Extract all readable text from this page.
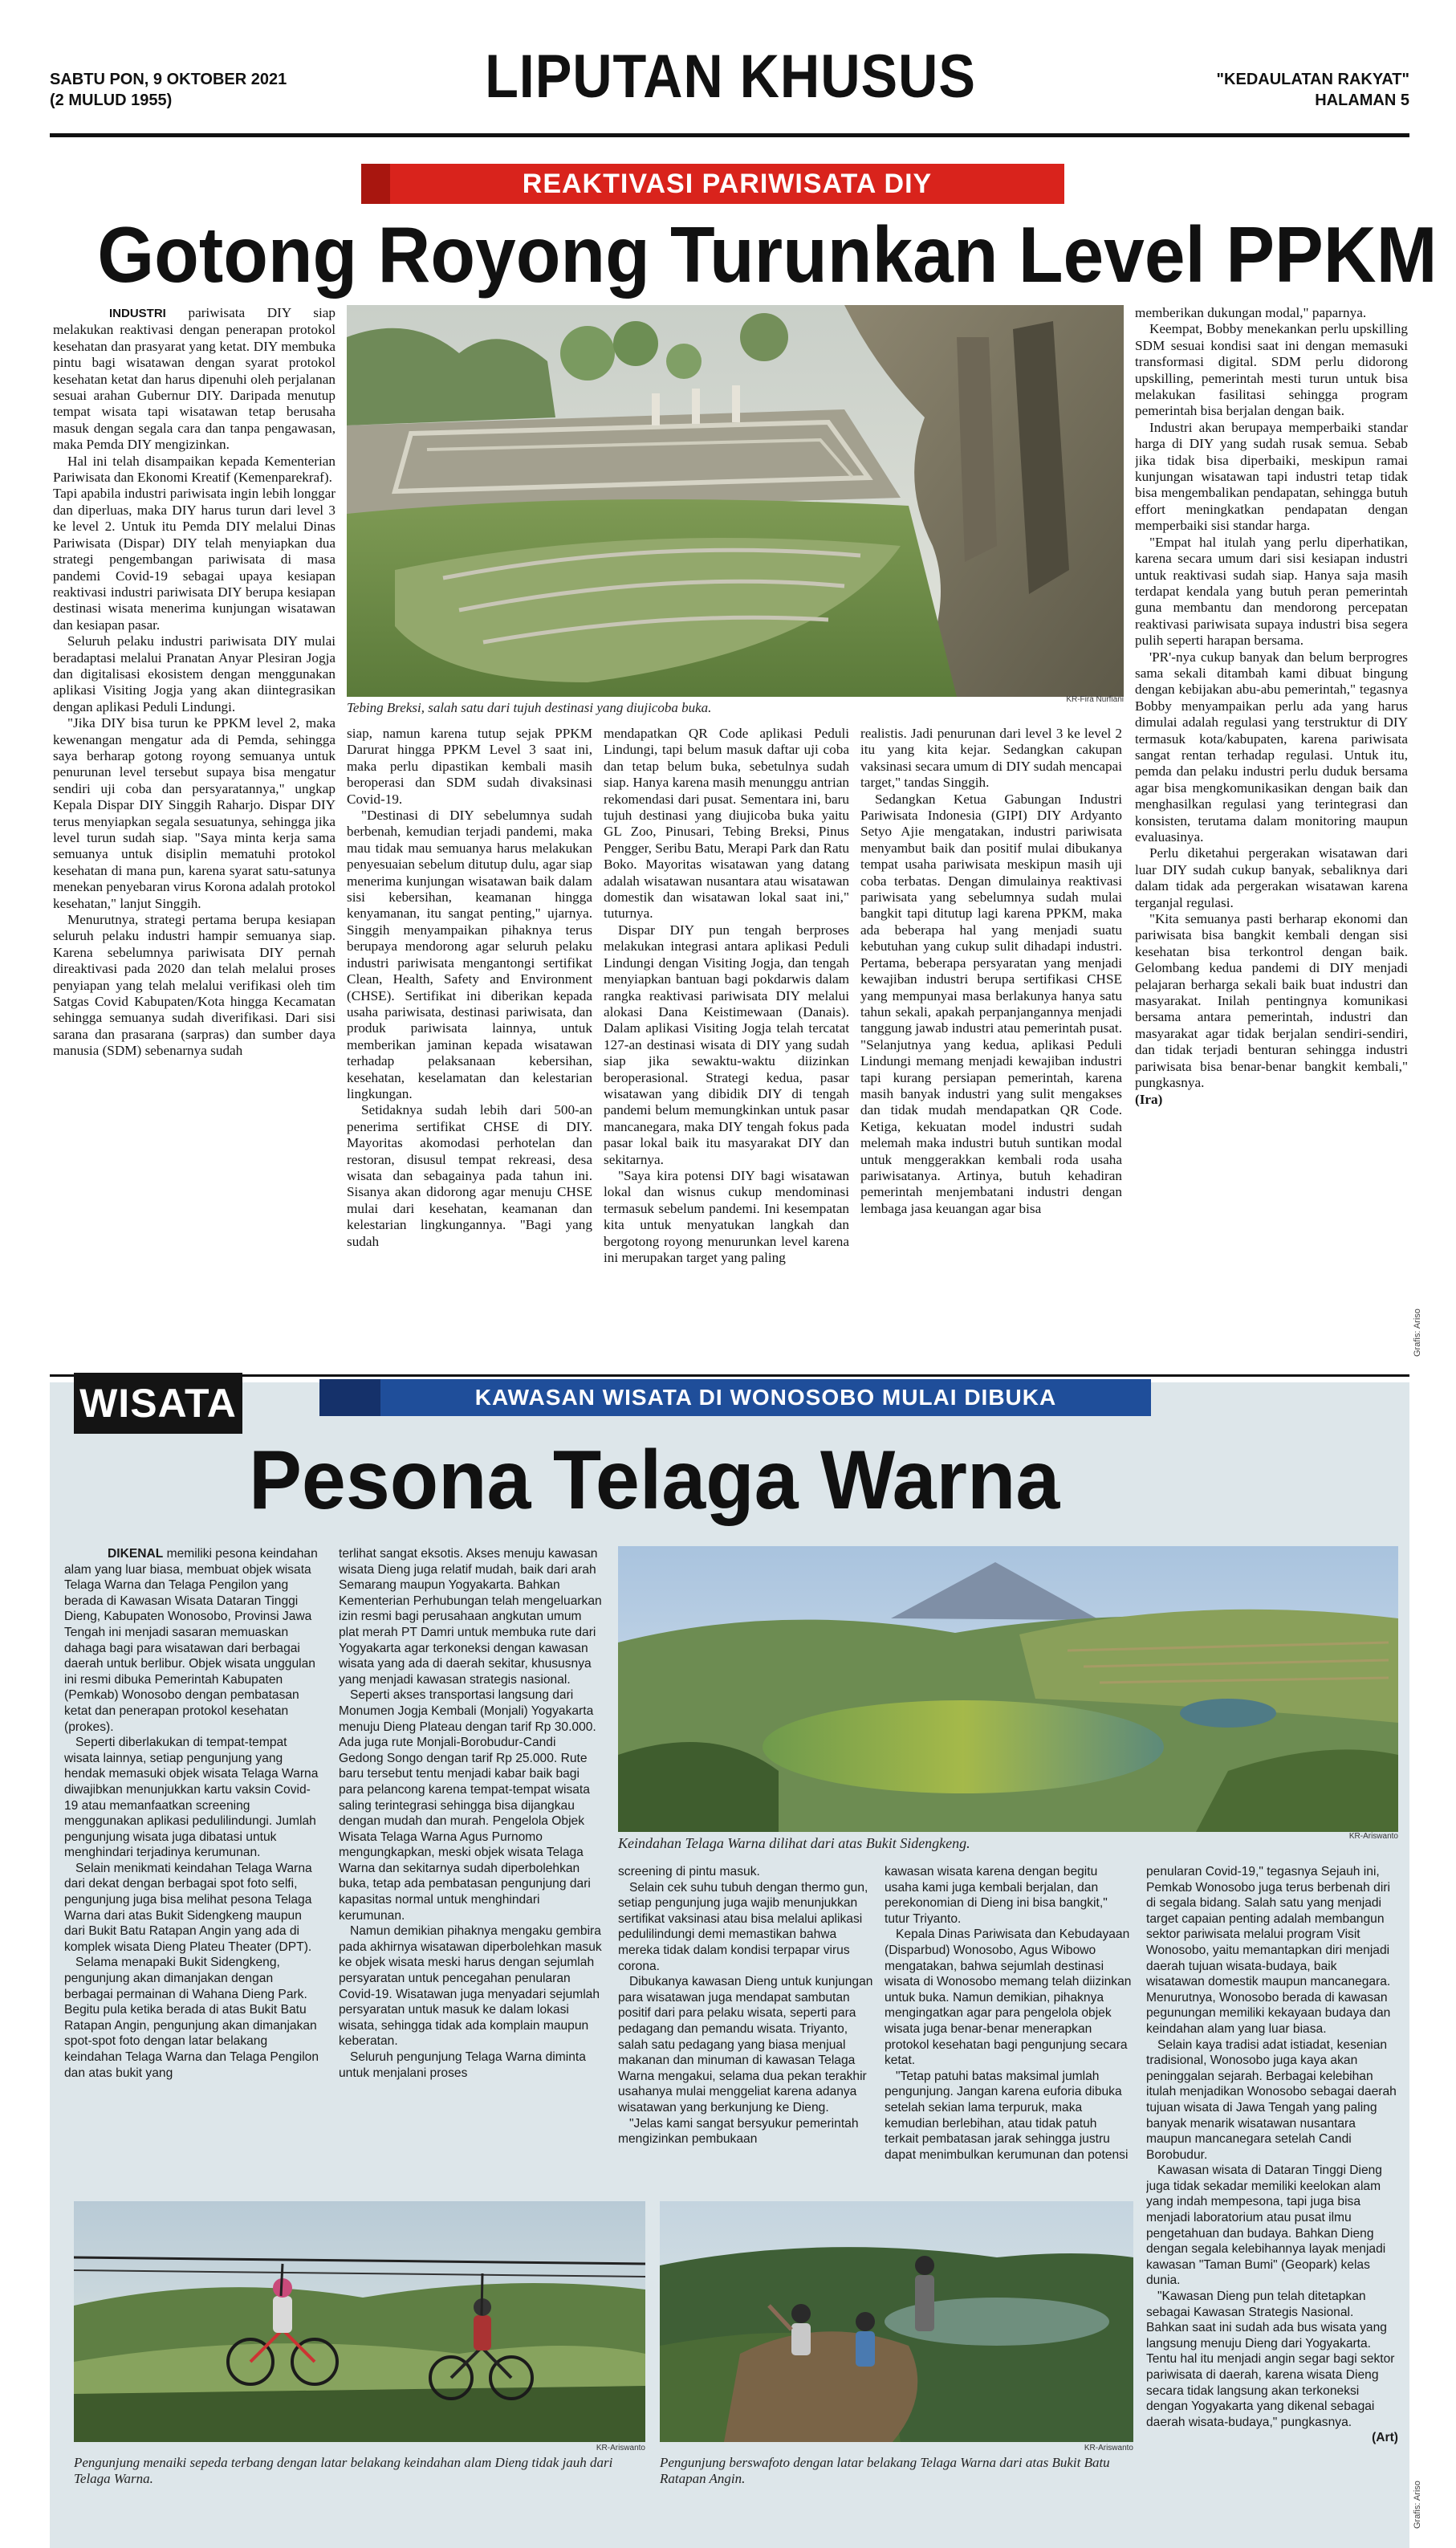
SABTU PON, 9 OKTOBER 2021
(2 MULUD 1955)	LIPUTAN KHUSUS	"KEDAULATAN RAKYAT"
HALAMAN 5
REAKTIVASI PARIWISATA DIY
Gotong Royong Turunkan Level PPKM
Tebing Breksi, salah satu dari tujuh destinasi yang diujicoba buka.
KR-Fira Nurfiani

INDUSTRI pariwisata DIY siap melakukan reaktivasi dengan penerapan protokol kesehatan dan prasyarat yang ketat. DIY membuka pintu bagi wisatawan dengan syarat protokol kesehatan ketat dan harus dipenuhi oleh perjalanan sesuai arahan Gubernur DIY. Daripada menutup tempat wisata tapi wisatawan tetap berusaha masuk dengan segala cara dan tanpa pengawasan, maka Pemda DIY mengizinkan.

Hal ini telah disampaikan kepada Kementerian Pariwisata dan Ekonomi Kreatif (Kemenparekraf).

Tapi apabila industri pariwisata ingin lebih longgar dan diperluas, maka DIY harus turun dari level 3 ke level 2. Untuk itu Pemda DIY melalui Dinas Pariwisata (Dispar) DIY telah menyiapkan dua strategi pengembangan pariwisata di masa pandemi Covid-19 sebagai upaya kesiapan reaktivasi industri pariwisata DIY berupa kesiapan destinasi wisata menerima kunjungan wisatawan dan kesiapan pasar.

Seluruh pelaku industri pariwisata DIY mulai beradaptasi melalui Pranatan Anyar Plesiran Jogja dan digitalisasi ekosistem dengan menggunakan aplikasi Visiting Jogja yang akan diintegrasikan dengan aplikasi Peduli Lindungi.

"Jika DIY bisa turun ke PPKM level 2, maka kewenangan mengatur ada di Pemda, sehingga saya berharap gotong royong semuanya untuk penurunan level tersebut supaya bisa mengatur sendiri uji coba dan persyaratannya," ungkap Kepala Dispar DIY Singgih Raharjo. Dispar DIY terus menyiapkan segala sesuatunya, sehingga jika level turun sudah siap. "Saya minta kerja sama semuanya untuk disiplin mematuhi protokol kesehatan di mana pun, karena syarat satu-satunya menekan penyebaran virus Korona adalah protokol kesehatan," lanjut Singgih.

Menurutnya, strategi pertama berupa kesiapan seluruh pelaku industri hampir semuanya siap. Karena sebelumnya pariwisata DIY pernah direaktivasi pada 2020 dan telah melalui proses penyiapan yang telah melalui verifikasi oleh tim Satgas Covid Kabupaten/Kota hingga Kecamatan sehingga semuanya sudah diverifikasi. Dari sisi sarana dan prasarana (sarpras) dan sumber daya manusia (SDM) sebenarnya sudah

siap, namun karena tutup sejak PPKM Darurat hingga PPKM Level 3 saat ini, maka perlu dipastikan kembali masih beroperasi dan SDM sudah divaksinasi Covid-19.

"Destinasi di DIY sebelumnya sudah berbenah, kemudian terjadi pandemi, maka mau tidak mau semuanya harus melakukan penyesuaian sebelum ditutup dulu, agar siap menerima kunjungan wisatawan baik dalam sisi kebersihan, keamanan hingga kenyamanan, itu sangat penting," ujarnya. Singgih menyampaikan pihaknya terus berupaya mendorong agar seluruh pelaku industri pariwisata mengantongi sertifikat Clean, Health, Safety and Environment (CHSE). Sertifikat ini diberikan kepada usaha pariwisata, destinasi pariwisata, dan produk pariwisata lainnya, untuk memberikan jaminan kepada wisatawan terhadap pelaksanaan kebersihan, kesehatan, keselamatan dan kelestarian lingkungan.

Setidaknya sudah lebih dari 500-an penerima sertifikat CHSE di DIY. Mayoritas akomodasi perhotelan dan restoran, disusul tempat rekreasi, desa wisata dan sebagainya pada tahun ini. Sisanya akan didorong agar menuju CHSE mulai dari kesehatan, keamanan dan kelestarian lingkungannya. "Bagi yang sudah

mendapatkan QR Code aplikasi Peduli Lindungi, tapi belum masuk daftar uji coba dan tetap belum buka, sebetulnya sudah siap. Hanya karena masih menunggu antrian rekomendasi dari pusat. Sementara ini, baru tujuh destinasi yang diujicoba buka yaitu GL Zoo, Pinusari, Tebing Breksi, Pinus Pengger, Seribu Batu, Merapi Park dan Ratu Boko. Mayoritas wisatawan yang datang adalah wisatawan nusantara atau wisatawan domestik dan wisatawan lokal saat ini," tuturnya.

Dispar DIY pun tengah berproses melakukan integrasi antara aplikasi Peduli Lindungi dengan Visiting Jogja, dan tengah menyiapkan bantuan bagi pokdarwis dalam rangka reaktivasi pariwisata DIY melalui alokasi Dana Keistimewaan (Danais). Dalam aplikasi Visiting Jogja telah tercatat 127-an destinasi wisata di DIY yang sudah siap jika sewaktu-waktu diizinkan beroperasional. Strategi kedua, pasar wisatawan yang dibidik DIY di tengah pandemi belum memungkinkan untuk pasar mancanegara, maka DIY tengah fokus pada pasar lokal baik itu masyarakat DIY dan sekitarnya.

"Saya kira potensi DIY bagi wisatawan lokal dan wisnus cukup mendominasi termasuk sebelum pandemi. Ini kesempatan kita untuk menyatukan langkah dan bergotong royong menurunkan level karena ini merupakan target yang paling

realistis. Jadi penurunan dari level 3 ke level 2 itu yang kita kejar. Sedangkan cakupan vaksinasi secara umum di DIY sudah mencapai target," tandas Singgih.

Sedangkan Ketua Gabungan Industri Pariwisata Indonesia (GIPI) DIY Ardyanto Setyo Ajie mengatakan, industri pariwisata menyambut baik dan positif mulai dibukanya tempat usaha pariwisata meskipun masih uji coba terbatas. Dengan dimulainya reaktivasi pariwisata yang sebelumnya sudah mulai bangkit tapi ditutup lagi karena PPKM, maka ada beberapa hal yang menjadi suatu kebutuhan yang cukup sulit dihadapi industri. Pertama, beberapa persyaratan yang menjadi kewajiban industri berupa sertifikasi CHSE yang mempunyai masa berlakunya hanya satu tahun sekali, apakah perpanjangannya menjadi tanggung jawab industri atau pemerintah pusat. "Selanjutnya yang kedua, aplikasi Peduli Lindungi memang menjadi kewajiban industri tapi kurang persiapan pemerintah, karena masih banyak industri yang sulit mengakses dan tidak mudah mendapatkan QR Code. Ketiga, kekuatan model industri sudah melemah maka industri butuh suntikan modal untuk menggerakkan kembali roda usaha pariwisatanya. Artinya, butuh kehadiran pemerintah menjembatani industri dengan lembaga jasa keuangan agar bisa

memberikan dukungan modal," paparnya.

Keempat, Bobby menekankan perlu upskilling SDM sesuai kondisi saat ini dengan memasuki transformasi digital. SDM perlu didorong upskilling, pemerintah mesti turun untuk bisa melakukan fasilitasi sehingga program pemerintah bisa berjalan dengan baik.

Industri akan berupaya memperbaiki standar harga di DIY yang sudah rusak semua. Sebab jika tidak bisa diperbaiki, meskipun ramai kunjungan wisatawan tapi industri tetap tidak bisa mengembalikan pendapatan, sehingga butuh effort meningkatkan pendapatan dengan memperbaiki sisi standar harga.

"Empat hal itulah yang perlu diperhatikan, karena secara umum dari sisi kesiapan industri untuk reaktivasi sudah siap. Hanya saja masih terdapat kendala yang butuh peran pemerintah guna membantu dan mendorong percepatan reaktivasi pariwisata supaya industri bisa segera pulih seperti harapan bersama.

'PR'-nya cukup banyak dan belum berprogres sama sekali ditambah kami dibuat bingung dengan kebijakan abu-abu pemerintah," tegasnya Bobby menyampaikan perlu ada yang harus dimulai adalah regulasi yang terstruktur di DIY termasuk kota/kabupaten, karena pariwisata sangat rentan terhadap regulasi. Untuk itu, pemda dan pelaku industri perlu duduk bersama agar bisa mengkomunikasikan dengan baik dan menghasilkan regulasi yang terintegrasi dan konsisten, terutama dalam monitoring maupun evaluasinya.

Perlu diketahui pergerakan wisatawan dari luar DIY sudah cukup banyak, sebaliknya dari dalam tidak ada pergerakan wisatawan karena terganjal regulasi.

"Kita semuanya pasti berharap ekonomi dan pariwisata bisa bangkit kembali dengan sisi kesehatan bisa terkontrol dengan baik. Gelombang kedua pandemi di DIY menjadi pelajaran berharga sekali baik buat industri dan masyarakat. Inilah pentingnya komunikasi bersama antara pemerintah, industri dan masyarakat agar tidak berjalan sendiri-sendiri, dan tidak terjadi benturan sehingga industri pariwisata bisa benar-benar bangkit kembali," pungkasnya.

(Ira)

Grafis: Ariso
WISATA	KAWASAN WISATA DI WONOSOBO MULAI DIBUKA
Pesona Telaga Warna
Keindahan Telaga Warna dilihat dari atas Bukit Sidengkeng.	KR-Ariswanto

DIKENAL memiliki pesona keindahan alam yang luar biasa, membuat objek wisata Telaga Warna dan Telaga Pengilon yang berada di Kawasan Wisata Dataran Tinggi Dieng, Kabupaten Wonosobo, Provinsi Jawa Tengah ini menjadi sasaran memuaskan dahaga bagi para wisatawan dari berbagai daerah untuk berlibur. Objek wisata unggulan ini resmi dibuka Pemerintah Kabupaten (Pemkab) Wonosobo dengan pembatasan ketat dan penerapan protokol kesehatan (prokes).

Seperti diberlakukan di tempat-tempat wisata lainnya, setiap pengunjung yang hendak memasuki objek wisata Telaga Warna diwajibkan menunjukkan kartu vaksin Covid-19 atau memanfaatkan screening menggunakan aplikasi pedulilindungi. Jumlah pengunjung wisata juga dibatasi untuk menghindari terjadinya kerumunan.

Selain menikmati keindahan Telaga Warna dari dekat dengan berbagai spot foto selfi, pengunjung juga bisa melihat pesona Telaga Warna dari atas Bukit Sidengkeng maupun dari Bukit Batu Ratapan Angin yang ada di komplek wisata Dieng Plateu Theater (DPT).

Selama menapaki Bukit Sidengkeng, pengunjung akan dimanjakan dengan berbagai permainan di Wahana Dieng Park. Begitu pula ketika berada di atas Bukit Batu Ratapan Angin, pengunjung akan dimanjakan spot-spot foto dengan latar belakang keindahan Telaga Warna dan Telaga Pengilon dan atas bukit yang

terlihat sangat eksotis. Akses menuju kawasan wisata Dieng juga relatif mudah, baik dari arah Semarang maupun Yogyakarta. Bahkan Kementerian Perhubungan telah mengeluarkan izin resmi bagi perusahaan angkutan umum plat merah PT Damri untuk membuka rute dari Yogyakarta agar terkoneksi dengan kawasan wisata yang ada di daerah sekitar, khususnya yang menjadi kawasan strategis nasional.

Seperti akses transportasi langsung dari Monumen Jogja Kembali (Monjali) Yogyakarta menuju Dieng Plateau dengan tarif Rp 30.000. Ada juga rute Monjali-Borobudur-Candi Gedong Songo dengan tarif Rp 25.000. Rute baru tersebut tentu menjadi kabar baik bagi para pelancong karena tempat-tempat wisata saling terintegrasi sehingga bisa dijangkau dengan mudah dan murah. Pengelola Objek Wisata Telaga Warna Agus Purnomo mengungkapkan, meski objek wisata Telaga Warna dan sekitarnya sudah diperbolehkan buka, tetap ada pembatasan pengunjung dari kapasitas normal untuk menghindari kerumunan.

Namun demikian pihaknya mengaku gembira pada akhirnya wisatawan diperbolehkan masuk ke objek wisata meski harus dengan sejumlah persyaratan untuk pencegahan penularan Covid-19. Wisatawan juga menyadari sejumlah persyaratan untuk masuk ke dalam lokasi wisata, sehingga tidak ada komplain maupun keberatan.

Seluruh pengunjung Telaga Warna diminta untuk menjalani proses

screening di pintu masuk.

Selain cek suhu tubuh dengan thermo gun, setiap pengunjung juga wajib menunjukkan sertifikat vaksinasi atau bisa melalui aplikasi pedulilindungi demi memastikan bahwa mereka tidak dalam kondisi terpapar virus corona.

Dibukanya kawasan Dieng untuk kunjungan para wisatawan juga mendapat sambutan positif dari para pelaku wisata, seperti para pedagang dan pemandu wisata. Triyanto, salah satu pedagang yang biasa menjual makanan dan minuman di kawasan Telaga Warna mengakui, selama dua pekan terakhir usahanya mulai menggeliat karena adanya wisatawan yang berkunjung ke Dieng.

"Jelas kami sangat bersyukur pemerintah mengizinkan pembukaan

kawasan wisata karena dengan begitu usaha kami juga kembali berjalan, dan perekonomian di Dieng ini bisa bangkit," tutur Triyanto.

Kepala Dinas Pariwisata dan Kebudayaan (Disparbud) Wonosobo, Agus Wibowo mengatakan, bahwa sejumlah destinasi wisata di Wonosobo memang telah diizinkan untuk buka. Namun demikian, pihaknya mengingatkan agar para pengelola objek wisata juga benar-benar menerapkan protokol kesehatan bagi pengunjung secara ketat.

"Tetap patuhi batas maksimal jumlah pengunjung. Jangan karena euforia dibuka setelah sekian lama terpuruk, maka kemudian berlebihan, atau tidak patuh terkait pembatasan jarak sehingga justru dapat menimbulkan kerumunan dan potensi

penularan Covid-19," tegasnya Sejauh ini, Pemkab Wonosobo juga terus berbenah diri di segala bidang. Salah satu yang menjadi target capaian penting adalah membangun sektor pariwisata melalui program Visit Wonosobo, yaitu memantapkan diri menjadi daerah tujuan wisata-budaya, baik wisatawan domestik maupun mancanegara. Menurutnya, Wonosobo berada di kawasan pegunungan memiliki kekayaan budaya dan keindahan alam yang luar biasa.

Selain kaya tradisi adat istiadat, kesenian tradisional, Wonosobo juga kaya akan peninggalan sejarah. Berbagai kelebihan itulah menjadikan Wonosobo sebagai daerah tujuan wisata di Jawa Tengah yang paling banyak menarik wisatawan nusantara maupun mancanegara setelah Candi Borobudur.

Kawasan wisata di Dataran Tinggi Dieng juga tidak sekadar memiliki keelokan alam yang indah mempesona, tapi juga bisa menjadi laboratorium atau pusat ilmu pengetahuan dan budaya. Bahkan Dieng dengan segala kelebihannya layak menjadi kawasan "Taman Bumi" (Geopark) kelas dunia.

"Kawasan Dieng pun telah ditetapkan sebagai Kawasan Strategis Nasional. Bahkan saat ini sudah ada bus wisata yang langsung menuju Dieng dari Yogyakarta. Tentu hal itu menjadi angin segar bagi sektor pariwisata di daerah, karena wisata Dieng secara tidak langsung akan terkoneksi dengan Yogyakarta yang dikenal sebagai daerah wisata-budaya," pungkasnya.

(Art)

KR-Ariswanto
Pengunjung menaiki sepeda terbang dengan latar belakang keindahan alam Dieng tidak jauh dari Telaga Warna.
KR-Ariswanto
Pengunjung berswafoto dengan latar belakang Telaga Warna dari atas Bukit Batu Ratapan Angin.
Grafis: Ariso
